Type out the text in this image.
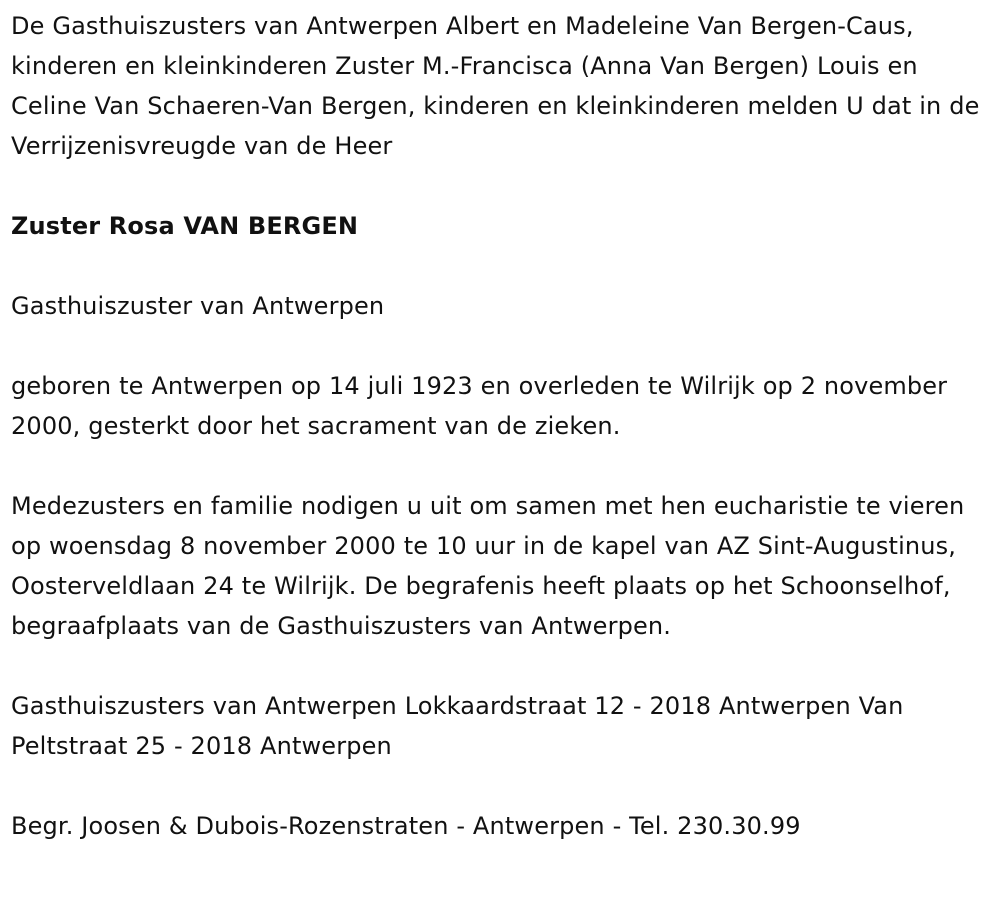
De Gasthuiszusters van Antwerpen Albert en Madeleine Van Bergen-Caus, kinderen en kleinkinderen Zuster M.-Francisca (Anna Van Bergen) Louis en Celine Van Schaeren-Van Bergen, kinderen en kleinkinderen melden U dat in de Verrijzenisvreugde van de Heer

Zuster Rosa VAN BERGEN

Gasthuiszuster van Antwerpen

geboren te Antwerpen op 14 juli 1923 en overleden te Wilrijk op 2 november 2000, gesterkt door het sacrament van de zieken.

Medezusters en familie nodigen u uit om samen met hen eucharistie te vieren op woensdag 8 november 2000 te 10 uur in de kapel van AZ Sint-Augustinus, Oosterveldlaan 24 te Wilrijk. De begrafenis heeft plaats op het Schoonselhof, begraafplaats van de Gasthuiszusters van Antwerpen.

Gasthuiszusters van Antwerpen Lokkaardstraat 12 - 2018 Antwerpen Van Peltstraat 25 - 2018 Antwerpen

Begr. Joosen & Dubois-Rozenstraten - Antwerpen - Tel. 230.30.99
